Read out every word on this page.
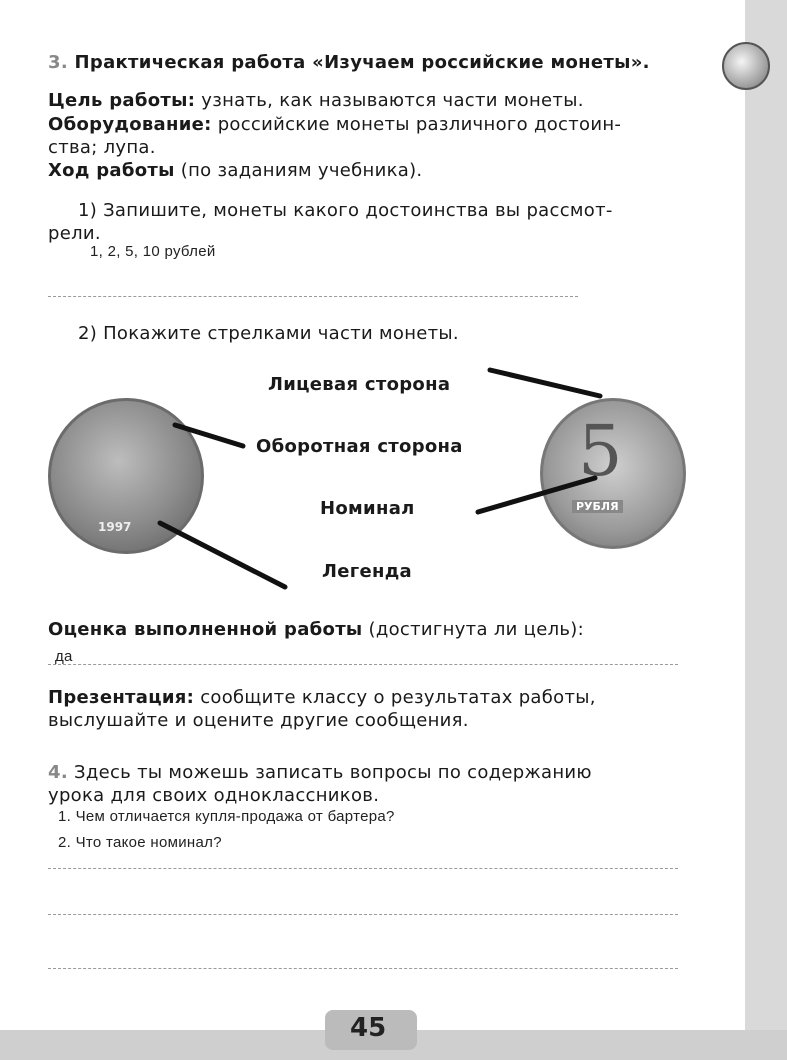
3. Практическая работа «Изучаем российские монеты».
Цель работы: узнать, как называются части монеты.
Оборудование: российские монеты различного достоин-
ства; лупа.
Ход работы (по заданиям учебника).
1) Запишите, монеты какого достоинства вы рассмот-
рели.
1, 2, 5, 10 рублей
2) Покажите стрелками части монеты.
1997
5
РУБЛЯ
Лицевая сторона
Оборотная сторона
Номинал
Легенда
Оценка выполненной работы (достигнута ли цель):
да
Презентация: сообщите классу о результатах работы,
выслушайте и оцените другие сообщения.
4. Здесь ты можешь записать вопросы по содержанию
урока для своих одноклассников.
1. Чем отличается купля-продажа от бартера?
2. Что такое номинал?
45
